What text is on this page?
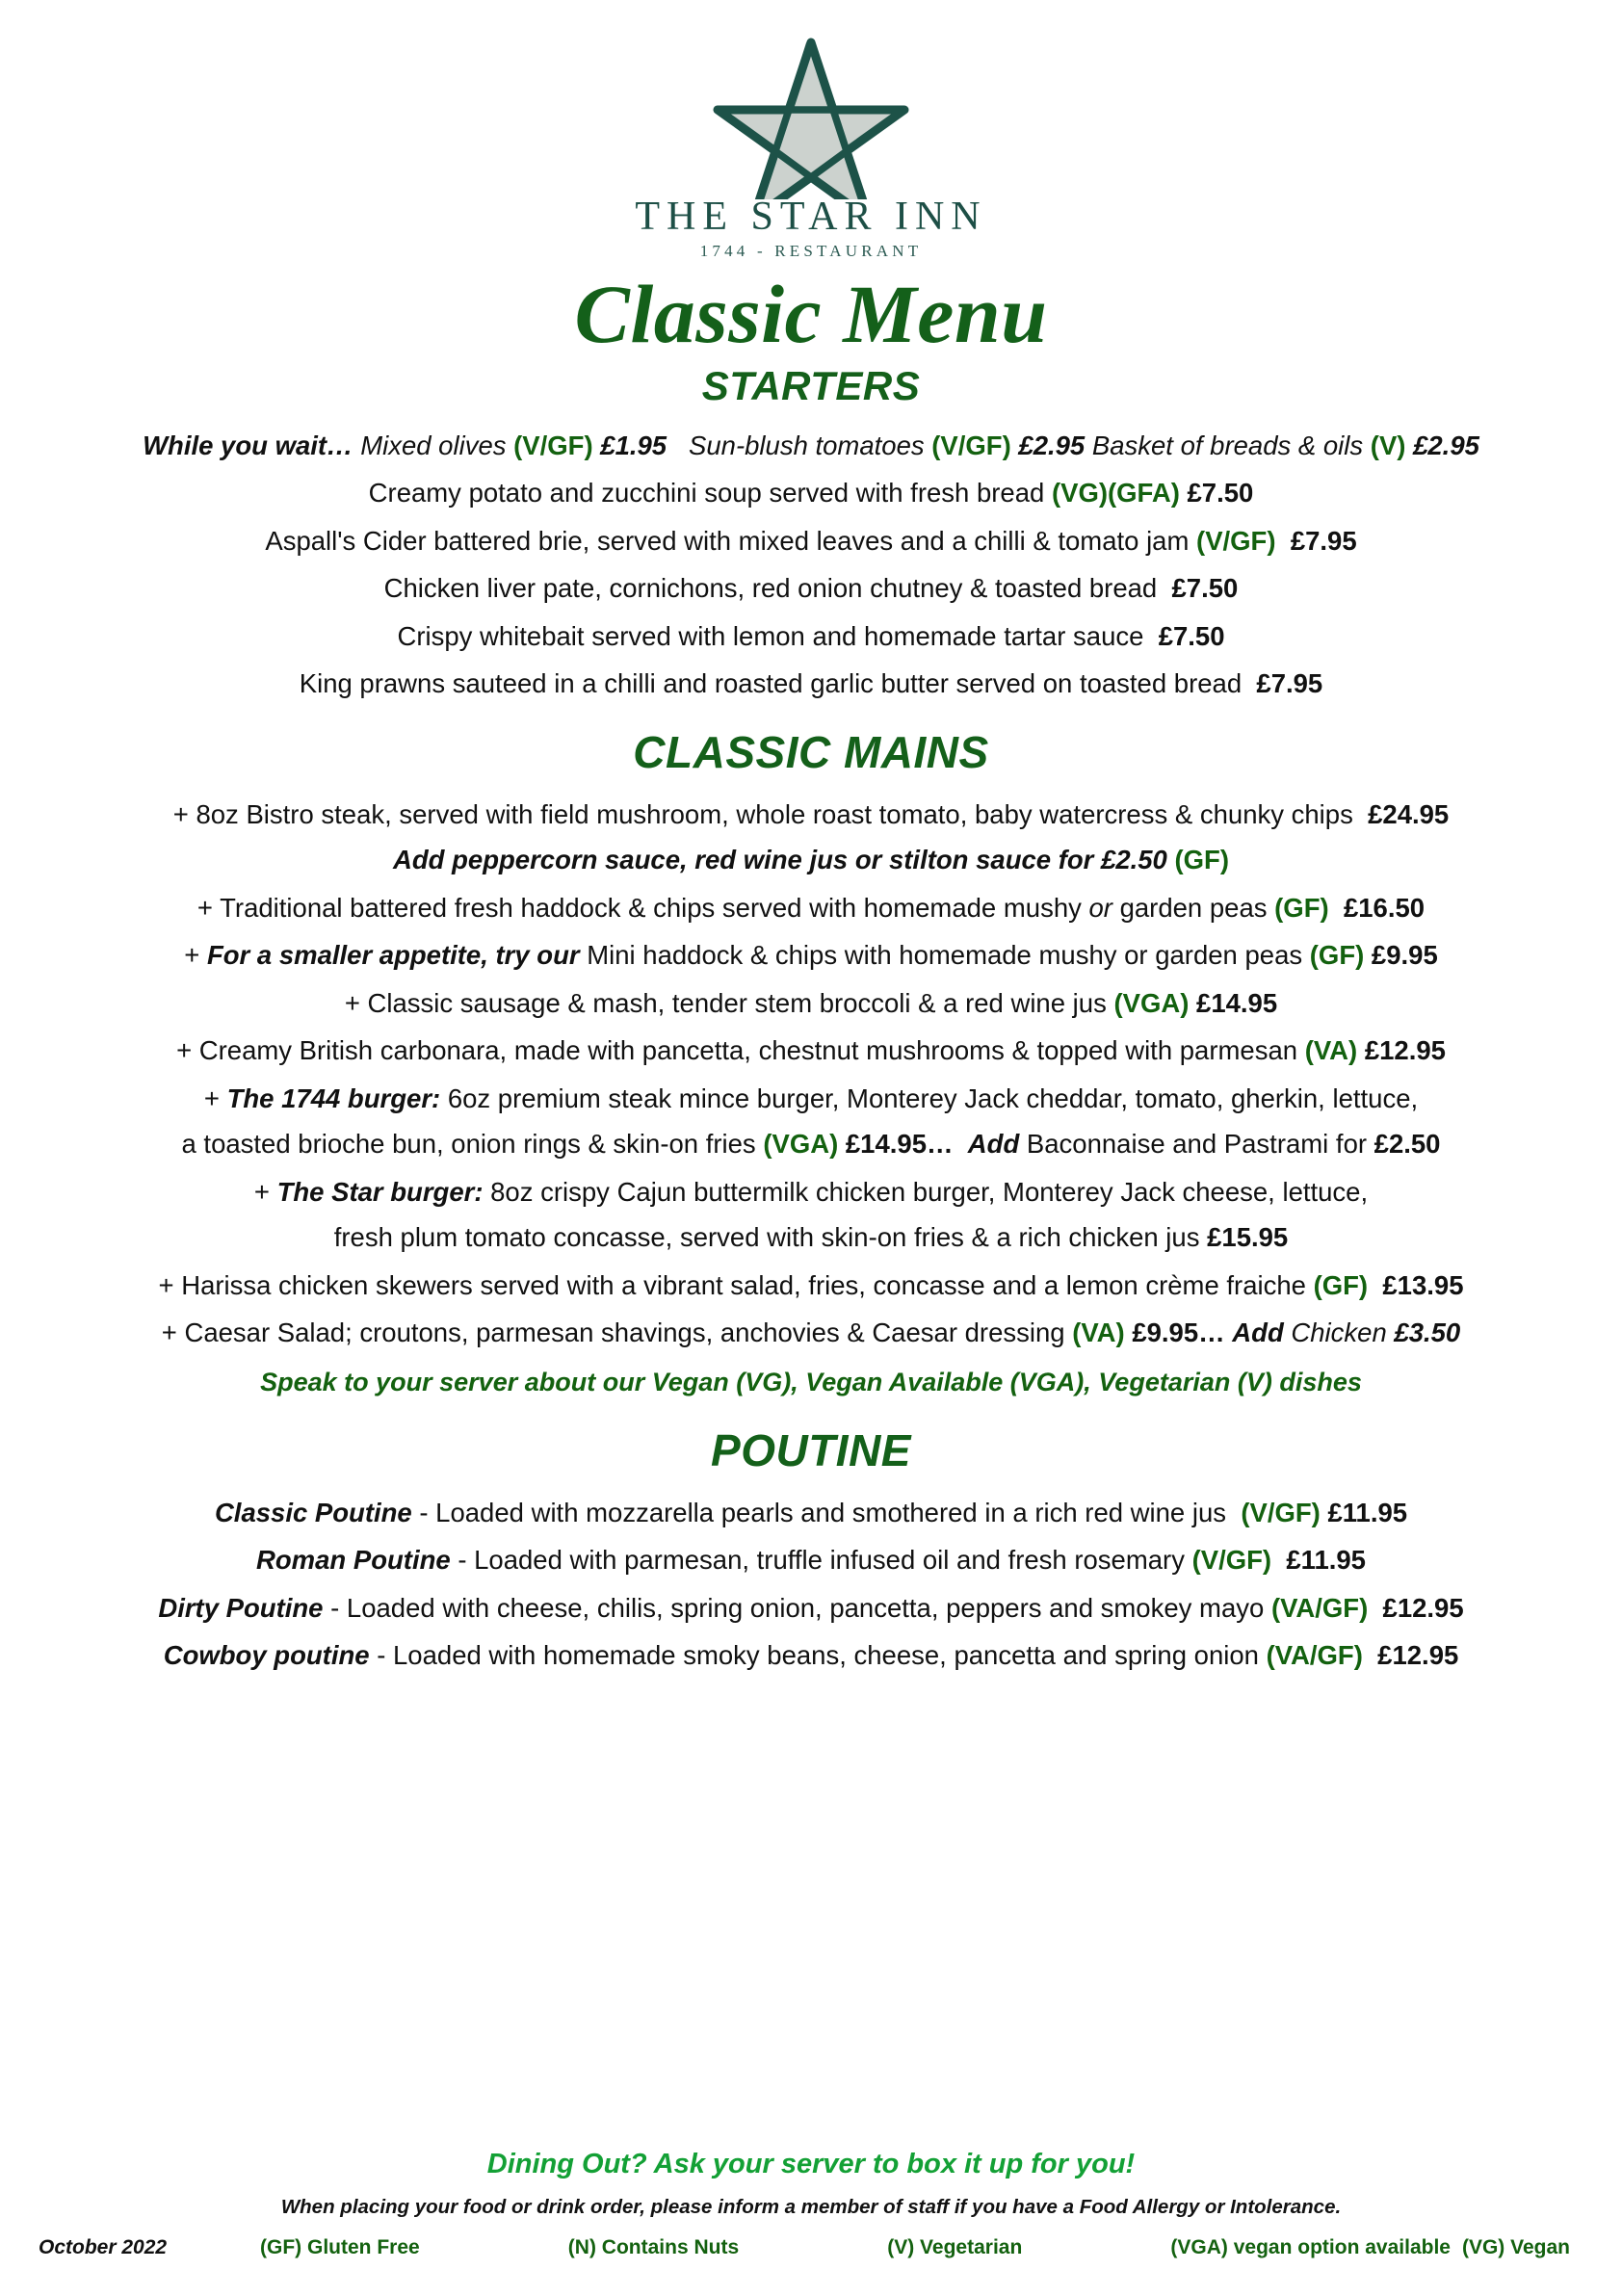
THE STAR INN
1744 - RESTAURANT
Classic Menu
STARTERS
While you wait… Mixed olives (V/GF) £1.95 Sun-blush tomatoes (V/GF) £2.95 Basket of breads & oils (V) £2.95
Creamy potato and zucchini soup served with fresh bread (VG)(GFA) £7.50
Aspall's Cider battered brie, served with mixed leaves and a chilli & tomato jam (V/GF) £7.95
Chicken liver pate, cornichons, red onion chutney & toasted bread £7.50
Crispy whitebait served with lemon and homemade tartar sauce £7.50
King prawns sauteed in a chilli and roasted garlic butter served on toasted bread £7.95
CLASSIC MAINS
+ 8oz Bistro steak, served with field mushroom, whole roast tomato, baby watercress & chunky chips £24.95
Add peppercorn sauce, red wine jus or stilton sauce for £2.50 (GF)
+ Traditional battered fresh haddock & chips served with homemade mushy or garden peas (GF) £16.50
+ For a smaller appetite, try our Mini haddock & chips with homemade mushy or garden peas (GF) £9.95
+ Classic sausage & mash, tender stem broccoli & a red wine jus (VGA) £14.95
+ Creamy British carbonara, made with pancetta, chestnut mushrooms & topped with parmesan (VA) £12.95
+ The 1744 burger: 6oz premium steak mince burger, Monterey Jack cheddar, tomato, gherkin, lettuce,
a toasted brioche bun, onion rings & skin-on fries (VGA) £14.95… Add Baconnaise and Pastrami for £2.50
+ The Star burger: 8oz crispy Cajun buttermilk chicken burger, Monterey Jack cheese, lettuce,
fresh plum tomato concasse, served with skin-on fries & a rich chicken jus £15.95
+ Harissa chicken skewers served with a vibrant salad, fries, concasse and a lemon crème fraiche (GF) £13.95
+ Caesar Salad; croutons, parmesan shavings, anchovies & Caesar dressing (VA) £9.95… Add Chicken £3.50
Speak to your server about our Vegan (VG), Vegan Available (VGA), Vegetarian (V) dishes
POUTINE
Classic Poutine - Loaded with mozzarella pearls and smothered in a rich red wine jus (V/GF) £11.95
Roman Poutine - Loaded with parmesan, truffle infused oil and fresh rosemary (V/GF) £11.95
Dirty Poutine - Loaded with cheese, chilis, spring onion, pancetta, peppers and smokey mayo (VA/GF) £12.95
Cowboy poutine - Loaded with homemade smoky beans, cheese, pancetta and spring onion (VA/GF) £12.95
Dining Out? Ask your server to box it up for you!
When placing your food or drink order, please inform a member of staff if you have a Food Allergy or Intolerance.
October 2022	(GF) Gluten Free	(N) Contains Nuts	(V) Vegetarian	(VGA) vegan option available (VG) Vegan
